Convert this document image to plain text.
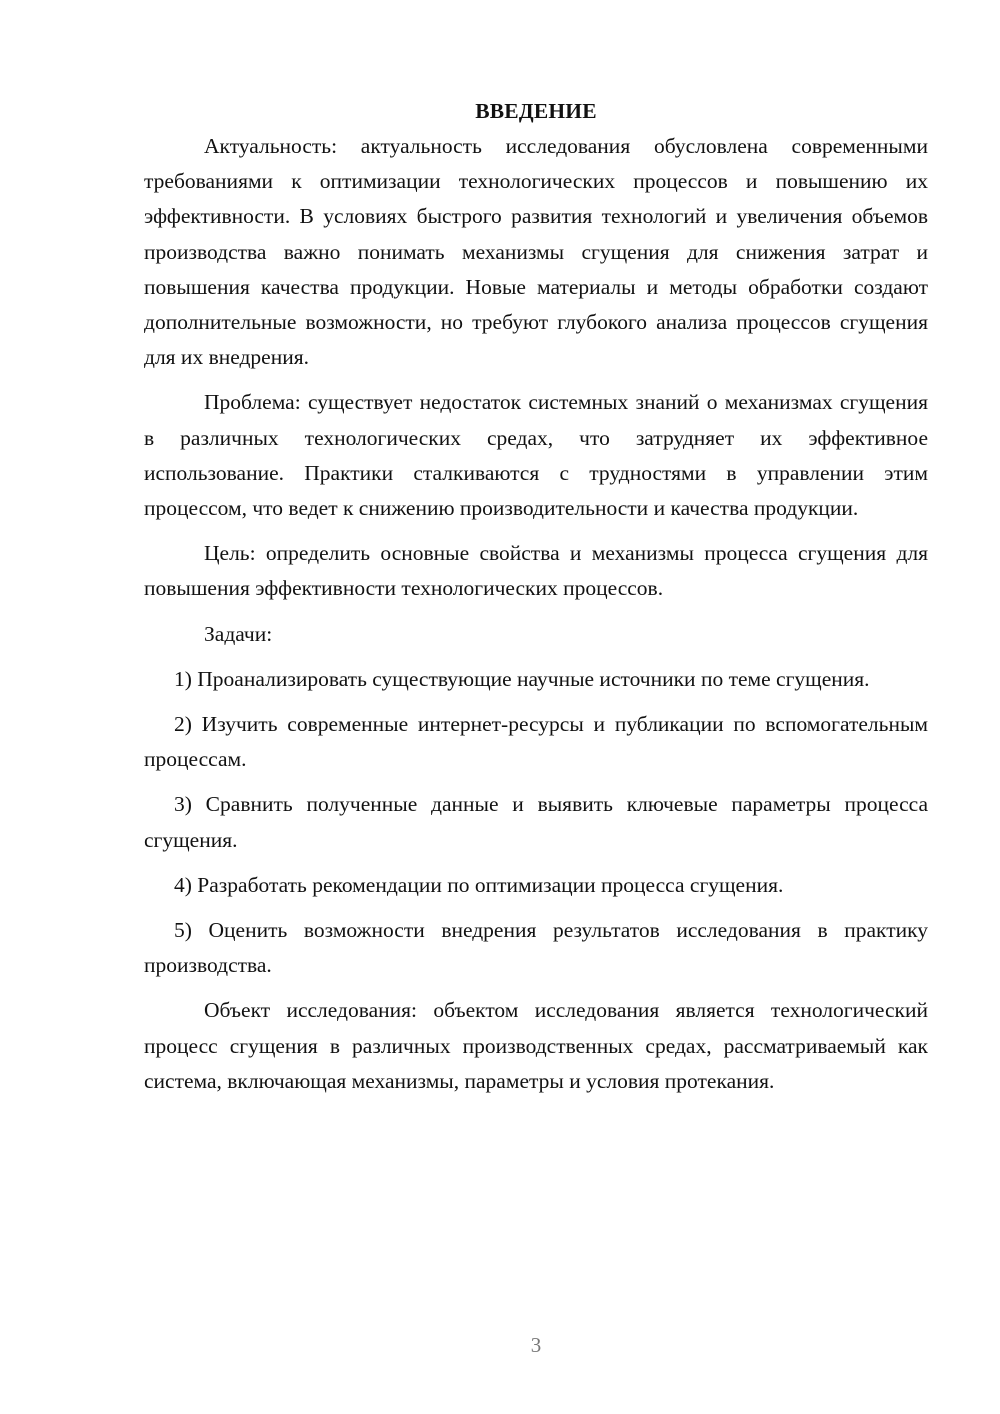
ВВЕДЕНИЕ

Актуальность: актуальность исследования обусловлена современными требованиями к оптимизации технологических процессов и повышению их эффективности. В условиях быстрого развития технологий и увеличения объемов производства важно понимать механизмы сгущения для снижения затрат и повышения качества продукции. Новые материалы и методы обработки создают дополнительные возможности, но требуют глубокого анализа процессов сгущения для их внедрения.

Проблема: существует недостаток системных знаний о механизмах сгущения в различных технологических средах, что затрудняет их эффективное использование. Практики сталкиваются с трудностями в управлении этим процессом, что ведет к снижению производительности и качества продукции.

Цель: определить основные свойства и механизмы процесса сгущения для повышения эффективности технологических процессов.

Задачи:

1) Проанализировать существующие научные источники по теме сгущения.

2) Изучить современные интернет-ресурсы и публикации по вспомогательным процессам.

3) Сравнить полученные данные и выявить ключевые параметры процесса сгущения.

4) Разработать рекомендации по оптимизации процесса сгущения.

5) Оценить возможности внедрения результатов исследования в практику производства.

Объект исследования: объектом исследования является технологический процесс сгущения в различных производственных средах, рассматриваемый как система, включающая механизмы, параметры и условия протекания.

3
